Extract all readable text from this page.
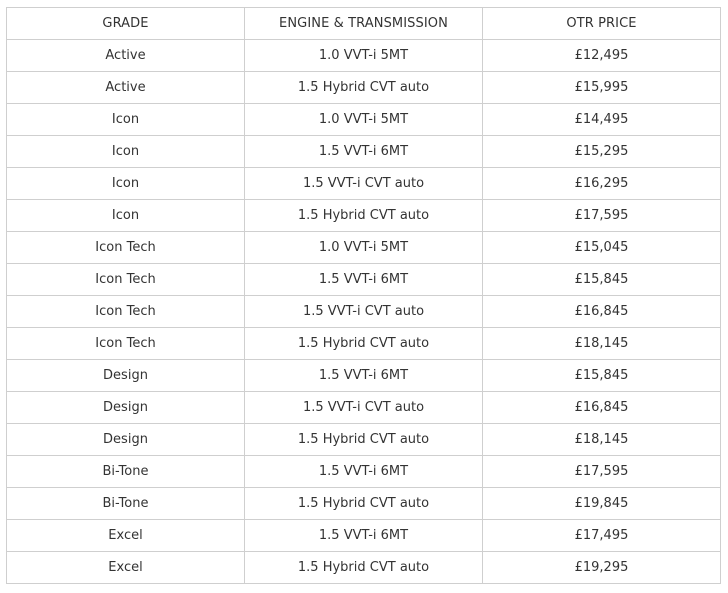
GRADE	ENGINE & TRANSMISSION	OTR PRICE
Active	1.0 VVT-i 5MT	£12,495
Active	1.5 Hybrid CVT auto	£15,995
Icon	1.0 VVT-i 5MT	£14,495
Icon	1.5 VVT-i 6MT	£15,295
Icon	1.5 VVT-i CVT auto	£16,295
Icon	1.5 Hybrid CVT auto	£17,595
Icon Tech	1.0 VVT-i 5MT	£15,045
Icon Tech	1.5 VVT-i 6MT	£15,845
Icon Tech	1.5 VVT-i CVT auto	£16,845
Icon Tech	1.5 Hybrid CVT auto	£18,145
Design	1.5 VVT-i 6MT	£15,845
Design	1.5 VVT-i CVT auto	£16,845
Design	1.5 Hybrid CVT auto	£18,145
Bi-Tone	1.5 VVT-i 6MT	£17,595
Bi-Tone	1.5 Hybrid CVT auto	£19,845
Excel	1.5 VVT-i 6MT	£17,495
Excel	1.5 Hybrid CVT auto	£19,295
